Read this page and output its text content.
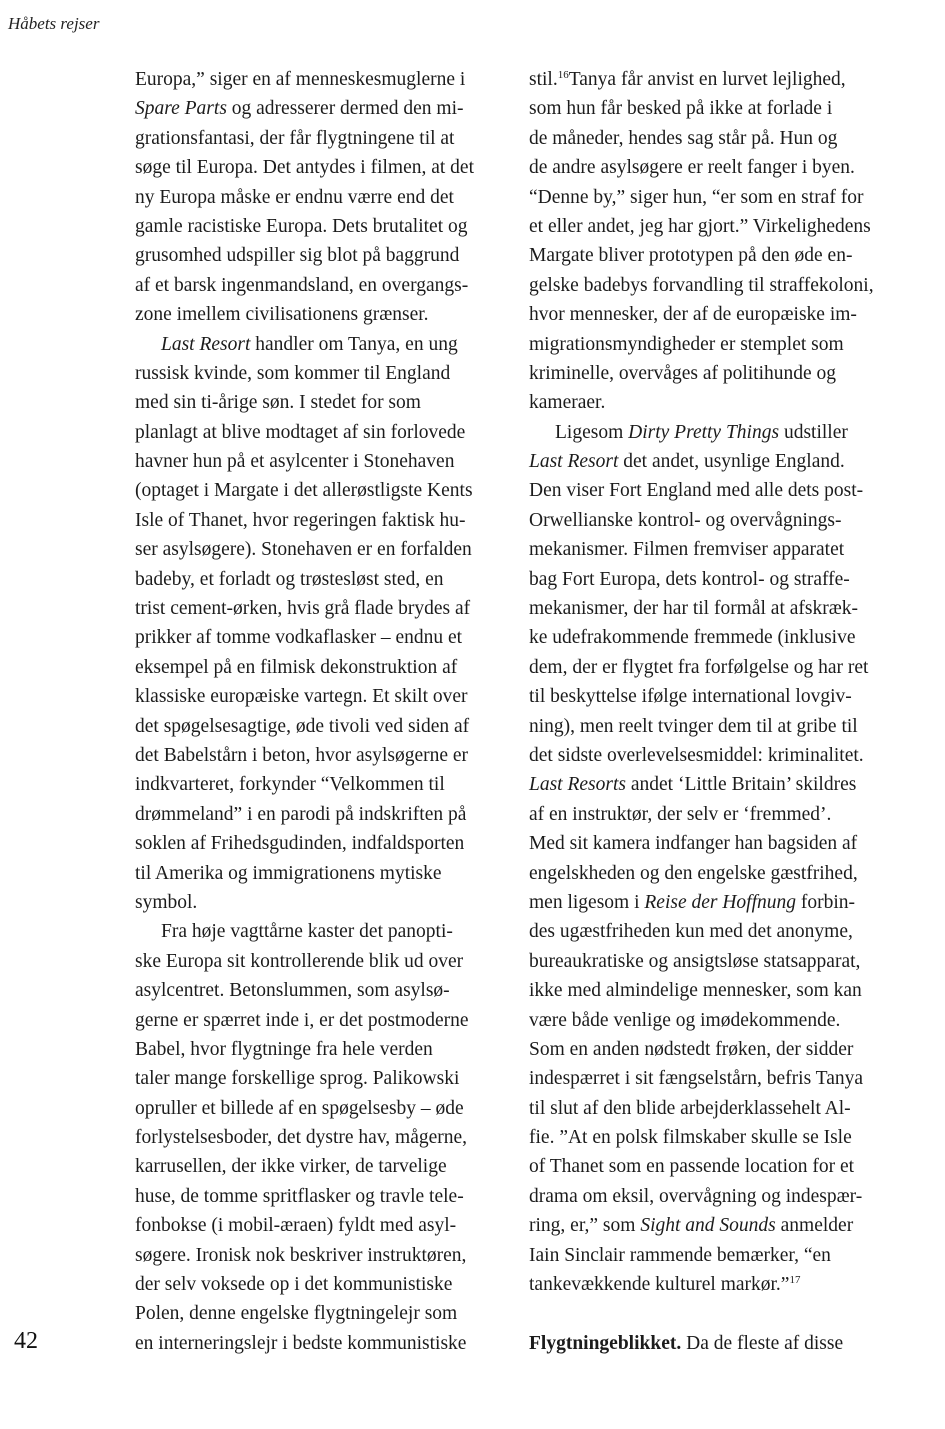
Håbets rejser
Europa,” siger en af menneskesmuglerne i
Spare Parts og adresserer dermed den mi-
grationsfantasi, der får flygtningene til at
søge til Europa. Det antydes i filmen, at det
ny Europa måske er endnu værre end det
gamle racistiske Europa. Dets brutalitet og
grusomhed udspiller sig blot på baggrund
af et barsk ingenmandsland, en overgangs-
zone imellem civilisationens grænser.
Last Resort handler om Tanya, en ung
russisk kvinde, som kommer til England
med sin ti-årige søn. I stedet for som
planlagt at blive modtaget af sin forlovede
havner hun på et asylcenter i Stonehaven
(optaget i Margate i det allerøstligste Kents
Isle of Thanet, hvor regeringen faktisk hu-
ser asylsøgere). Stonehaven er en forfalden
badeby, et forladt og trøstesløst sted, en
trist cement-ørken, hvis grå flade brydes af
prikker af tomme vodkaflasker – endnu et
eksempel på en filmisk dekonstruktion af
klassiske europæiske vartegn. Et skilt over
det spøgelsesagtige, øde tivoli ved siden af
det Babelstårn i beton, hvor asylsøgerne er
indkvarteret, forkynder “Velkommen til
drømmeland” i en parodi på indskriften på
soklen af Frihedsgudinden, indfaldsporten
til Amerika og immigrationens mytiske
symbol.
Fra høje vagttårne kaster det panopti-
ske Europa sit kontrollerende blik ud over
asylcentret. Betonslummen, som asylsø-
gerne er spærret inde i, er det postmoderne
Babel, hvor flygtninge fra hele verden
taler mange forskellige sprog. Palikowski
opruller et billede af en spøgelsesby – øde
forlystelsesboder, det dystre hav, mågerne,
karrusellen, der ikke virker, de tarvelige
huse, de tomme spritflasker og travle tele-
fonbokse (i mobil-æraen) fyldt med asyl-
søgere. Ironisk nok beskriver instruktøren,
der selv voksede op i det kommunistiske
Polen, denne engelske flygtningelejr som
en interneringslejr i bedste kommunistiske
stil.$^{16}$Tanya får anvist en lurvet lejlighed,
som hun får besked på ikke at forlade i
de måneder, hendes sag står på. Hun og
de andre asylsøgere er reelt fanger i byen.
“Denne by,” siger hun, “er som en straf for
et eller andet, jeg har gjort.” Virkelighedens
Margate bliver prototypen på den øde en-
gelske badebys forvandling til straffekoloni,
hvor mennesker, der af de europæiske im-
migrationsmyndigheder er stemplet som
kriminelle, overvåges af politihunde og
kameraer.
Ligesom Dirty Pretty Things udstiller
Last Resort det andet, usynlige England.
Den viser Fort England med alle dets post-
Orwellianske kontrol- og overvågnings-
mekanismer. Filmen fremviser apparatet
bag Fort Europa, dets kontrol- og straffe-
mekanismer, der har til formål at afskræk-
ke udefrakommende fremmede (inklusive
dem, der er flygtet fra forfølgelse og har ret
til beskyttelse ifølge international lovgiv-
ning), men reelt tvinger dem til at gribe til
det sidste overlevelsesmiddel: kriminalitet.
Last Resorts andet ‘Little Britain’ skildres
af en instruktør, der selv er ‘fremmed’.
Med sit kamera indfanger han bagsiden af
engelskheden og den engelske gæstfrihed,
men ligesom i Reise der Hoffnung forbin-
des ugæstfriheden kun med det anonyme,
bureaukratiske og ansigtsløse statsapparat,
ikke med almindelige mennesker, som kan
være både venlige og imødekommende.
Som en anden nødstedt frøken, der sidder
indespærret i sit fængselstårn, befris Tanya
til slut af den blide arbejderklassehelt Al-
fie. ”At en polsk filmskaber skulle se Isle
of Thanet som en passende location for et
drama om eksil, overvågning og indespær-
ring, er,” som Sight and Sounds anmelder
Iain Sinclair rammende bemærker, “en
tankevækkende kulturel markør.”$^{17}$
Flygtningeblikket. Da de fleste af disse
42
